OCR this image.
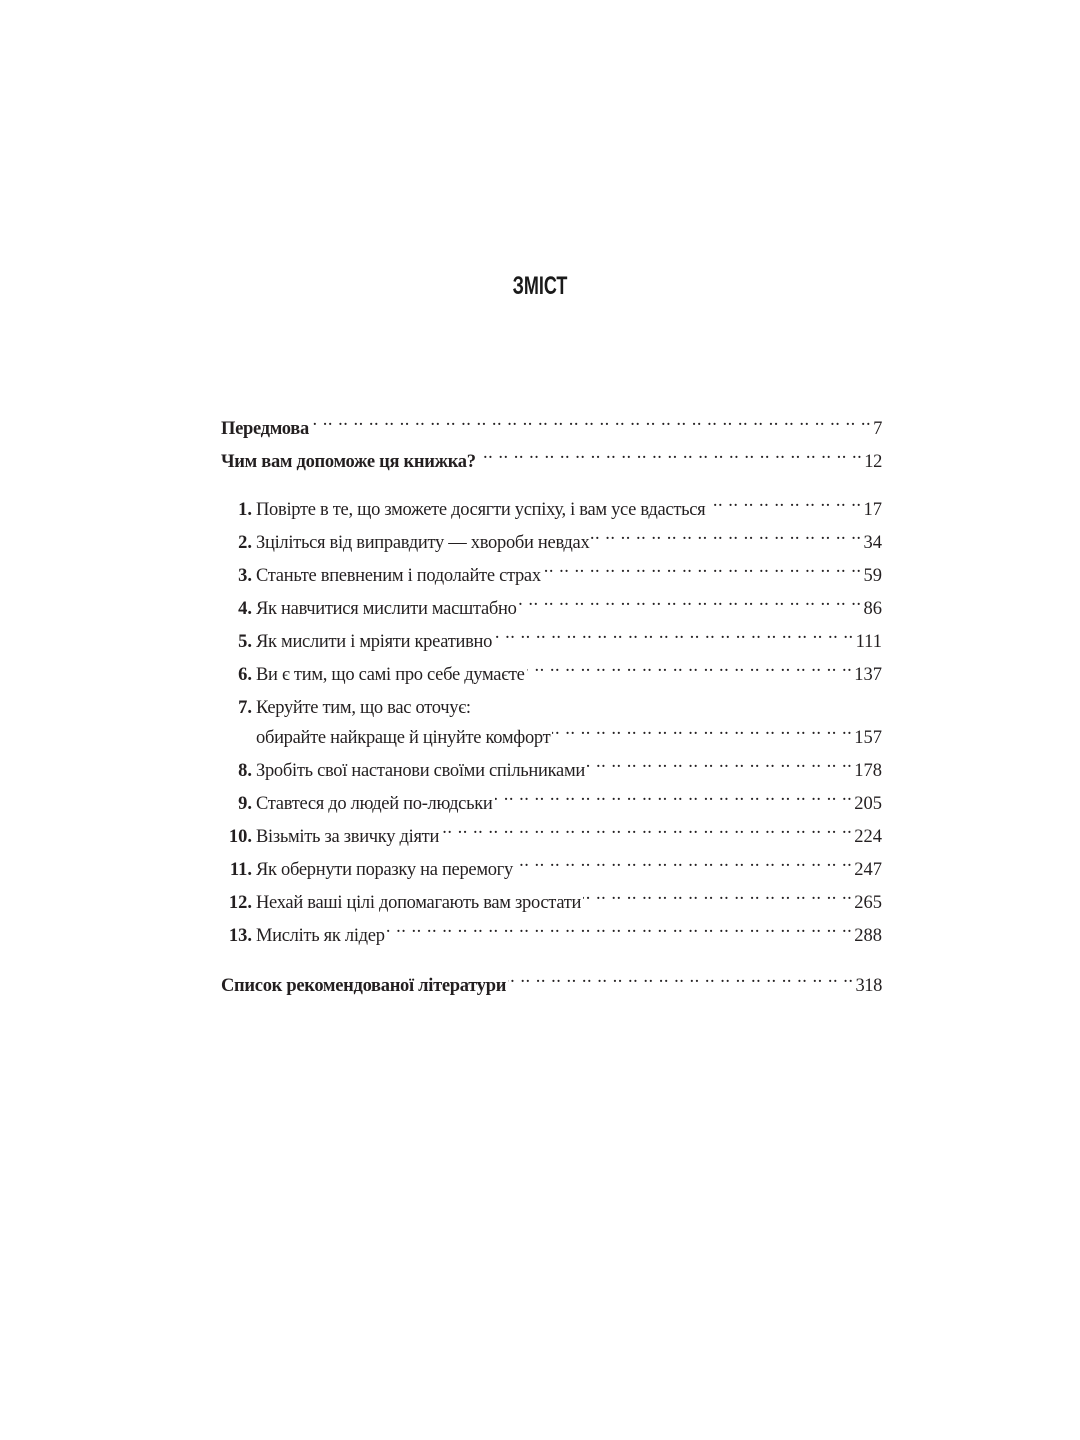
ЗМІСТ
Передмова . ..	7
Чим вам допоможе ця книжка? . ..	12
1. Повірте в те, що зможете досягти успіху, і вам усе вдасться . ..	17
2. Зцiліться від виправдиту — хвороби невдах . ..	34
3. Станьте впевненим і подолайте страх . ..	59
4. Як навчитися мислити масштабно . ..	86
5. Як мислити і мріяти креативно . ..	111
6. Ви є тим, що самі про себе думаєте . ..	137
7. Керуйте тим, що вас оточує:
обирайте найкраще й цінуйте комфорт . ..	157
8. Зробіть свої настанови своїми спільниками . ..	178
9. Ставтеся до людей по-людськи . ..	205
10. Візьміть за звичку діяти . ..	224
11. Як обернути поразку на перемогу . ..	247
12. Нехай ваші цілі допомагають вам зростати . ..	265
13. Мисліть як лідер . ..	288
Список рекомендованої літератури . ..	318
